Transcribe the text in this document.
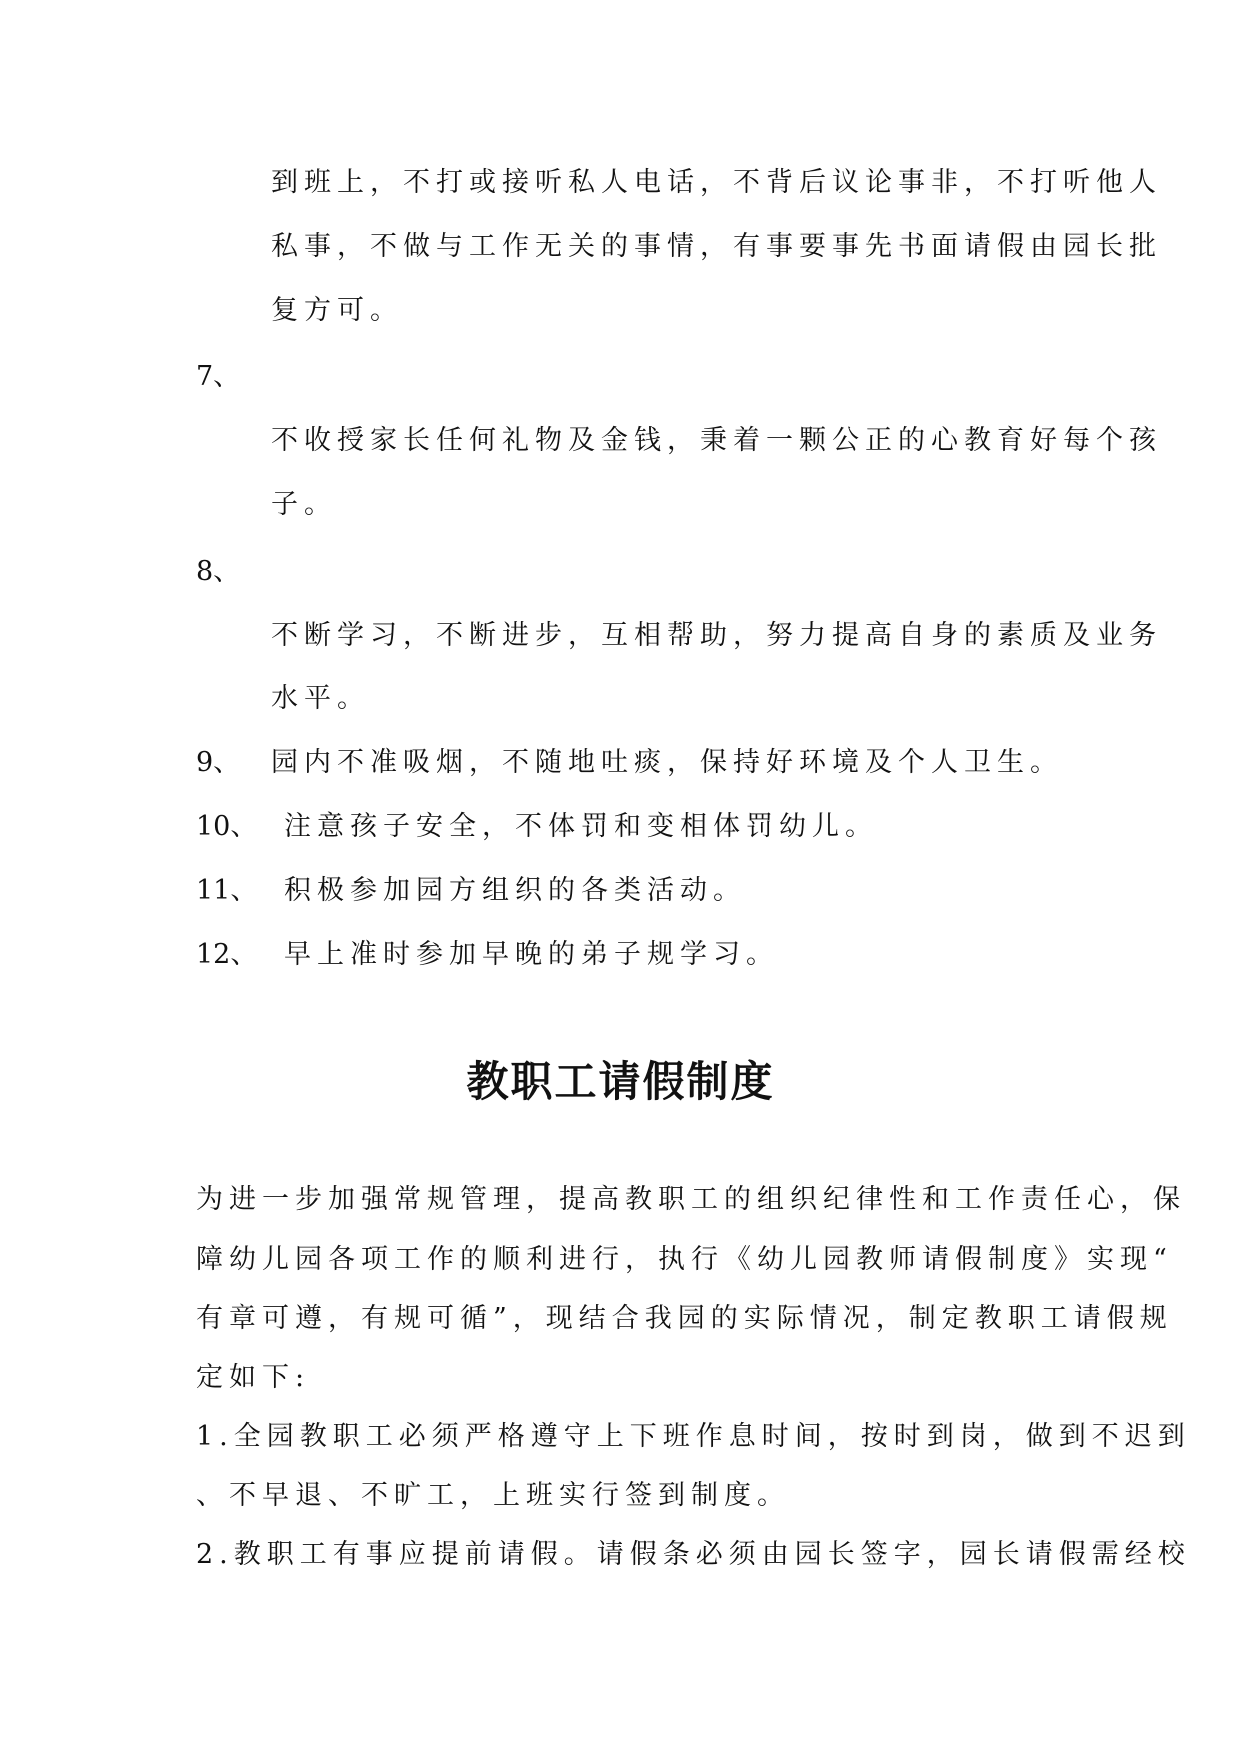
到班上，不打或接听私人电话，不背后议论事非，不打听他人
私事，不做与工作无关的事情，有事要事先书面请假由园长批
复方可。
7、
不收授家长任何礼物及金钱，秉着一颗公正的心教育好每个孩
子。
8、
不断学习，不断进步，互相帮助，努力提高自身的素质及业务
水平。
9、 园内不准吸烟，不随地吐痰，保持好环境及个人卫生。
10、 注意孩子安全，不体罚和变相体罚幼儿。
11、 积极参加园方组织的各类活动。
12、 早上准时参加早晚的弟子规学习。
教职工请假制度
为进一步加强常规管理，提高教职工的组织纪律性和工作责任心，保
障幼儿园各项工作的顺利进行，执行《幼儿园教师请假制度》实现“
有章可遵，有规可循”，现结合我园的实际情况，制定教职工请假规
定如下:
1.全园教职工必须严格遵守上下班作息时间，按时到岗，做到不迟到
、不早退、不旷工，上班实行签到制度。
2.教职工有事应提前请假。请假条必须由园长签字，园长请假需经校
